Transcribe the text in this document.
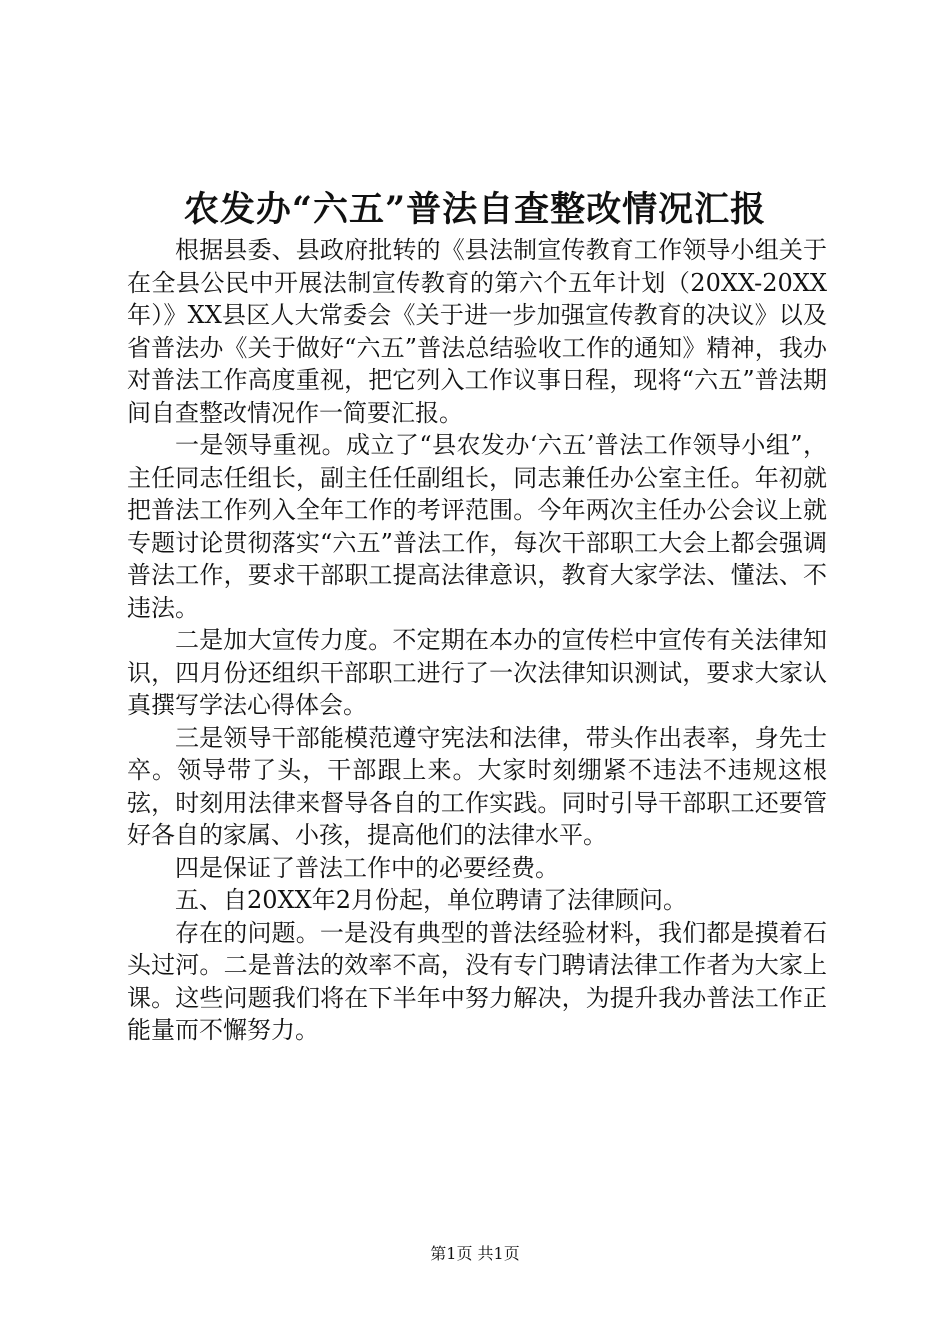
农发办“六五”普法自查整改情况汇报

根据县委、县政府批转的《县法制宣传教育工作领导小组关于在全县公民中开展法制宣传教育的第六个五年计划（20XX-20XX年）》XX县区人大常委会《关于进一步加强宣传教育的决议》以及省普法办《关于做好“六五”普法总结验收工作的通知》精神，我办对普法工作高度重视，把它列入工作议事日程，现将“六五”普法期间自查整改情况作一简要汇报。

一是领导重视。成立了“县农发办‘六五’普法工作领导小组”，主任同志任组长，副主任任副组长，同志兼任办公室主任。年初就把普法工作列入全年工作的考评范围。今年两次主任办公会议上就专题讨论贯彻落实“六五”普法工作，每次干部职工大会上都会强调普法工作，要求干部职工提高法律意识，教育大家学法、懂法、不违法。

二是加大宣传力度。不定期在本办的宣传栏中宣传有关法律知识，四月份还组织干部职工进行了一次法律知识测试，要求大家认真撰写学法心得体会。

三是领导干部能模范遵守宪法和法律，带头作出表率，身先士卒。领导带了头，干部跟上来。大家时刻绷紧不违法不违规这根弦，时刻用法律来督导各自的工作实践。同时引导干部职工还要管好各自的家属、小孩，提高他们的法律水平。

四是保证了普法工作中的必要经费。

五、自20XX年2月份起，单位聘请了法律顾问。

存在的问题。一是没有典型的普法经验材料，我们都是摸着石头过河。二是普法的效率不高，没有专门聘请法律工作者为大家上课。这些问题我们将在下半年中努力解决，为提升我办普法工作正能量而不懈努力。

第1页 共1页
